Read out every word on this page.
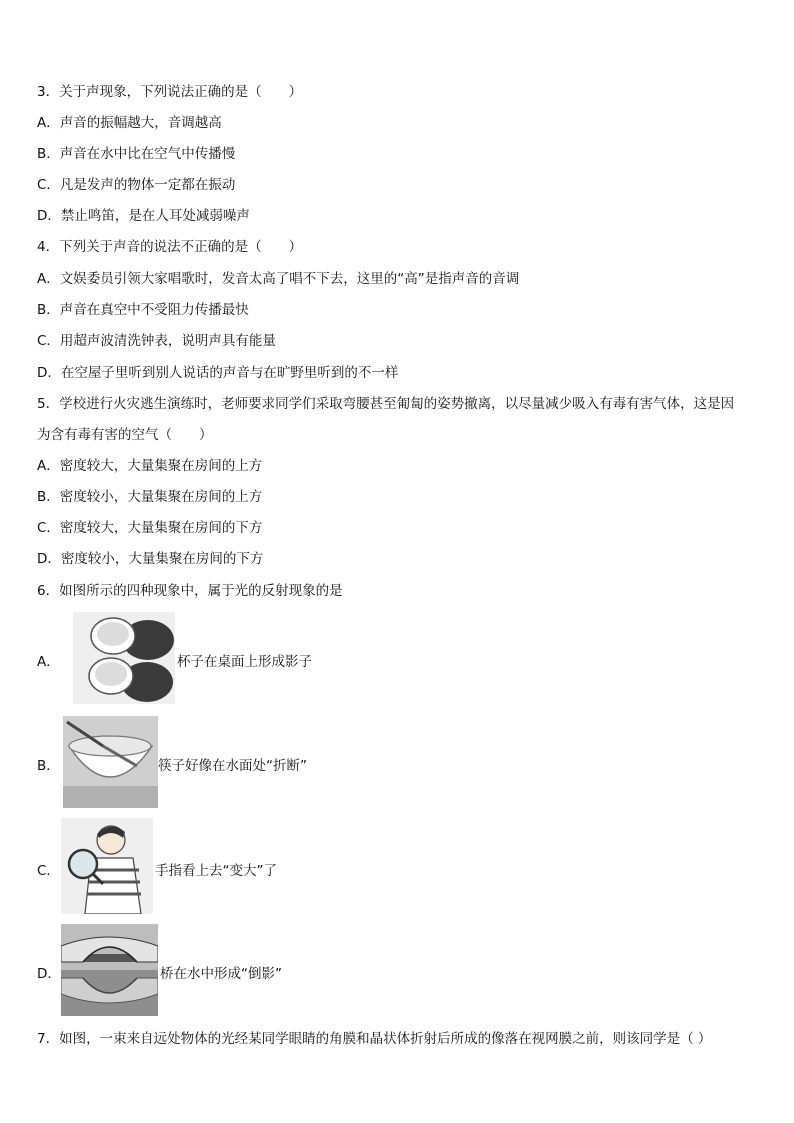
3．关于声现象，下列说法正确的是（　　）
A．声音的振幅越大，音调越高
B．声音在水中比在空气中传播慢
C．凡是发声的物体一定都在振动
D．禁止鸣笛，是在人耳处减弱噪声
4．下列关于声音的说法不正确的是（　　）
A．文娱委员引领大家唱歌时，发音太高了唱不下去，这里的“高”是指声音的音调
B．声音在真空中不受阻力传播最快
C．用超声波清洗钟表，说明声具有能量
D．在空屋子里听到别人说话的声音与在旷野里听到的不一样
5．学校进行火灾逃生演练时，老师要求同学们采取弯腰甚至匍匐的姿势撤离，以尽量减少吸入有毒有害气体，这是因
为含有毒有害的空气（　　）
A．密度较大，大量集聚在房间的上方
B．密度较小，大量集聚在房间的上方
C．密度较大，大量集聚在房间的下方
D．密度较小，大量集聚在房间的下方
6．如图所示的四种现象中，属于光的反射现象的是
A．	杯子在桌面上形成影子
B．	筷子好像在水面处“折断”
C．	手指看上去“变大”了
D．	桥在水中形成“倒影”
7．如图，一束来自远处物体的光经某同学眼睛的角膜和晶状体折射后所成的像落在视网膜之前，则该同学是（ ）
